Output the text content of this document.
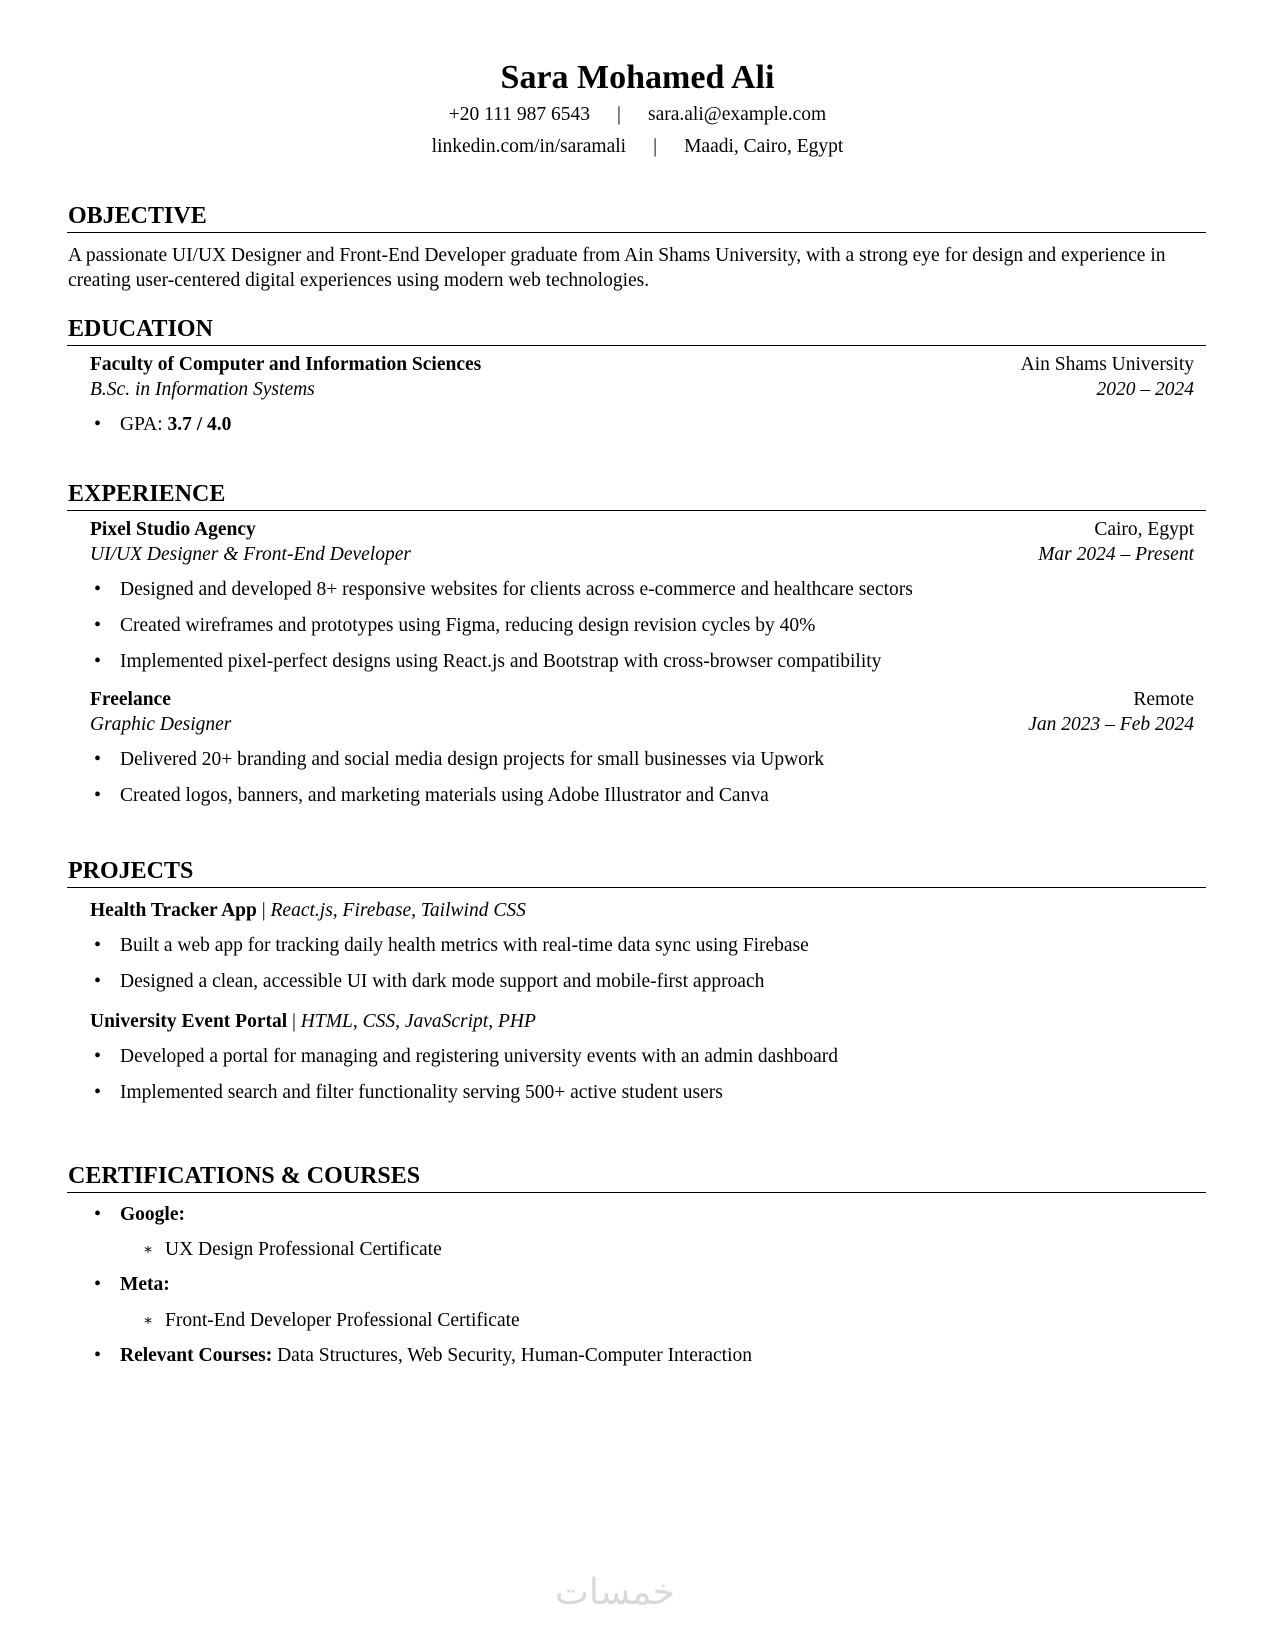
Sara Mohamed Ali
+20 111 987 6543 | sara.ali@example.com
linkedin.com/in/saramali | Maadi, Cairo, Egypt
OBJECTIVE
A passionate UI/UX Designer and Front-End Developer graduate from Ain Shams University, with a strong eye for design and experience in creating user-centered digital experiences using modern web technologies.
EDUCATION
Faculty of Computer and Information Sciences	Ain Shams University
B.Sc. in Information Systems	2020 – 2024
• GPA: 3.7 / 4.0
EXPERIENCE
Pixel Studio Agency	Cairo, Egypt
UI/UX Designer & Front-End Developer	Mar 2024 – Present
• Designed and developed 8+ responsive websites for clients across e-commerce and healthcare sectors
• Created wireframes and prototypes using Figma, reducing design revision cycles by 40%
• Implemented pixel-perfect designs using React.js and Bootstrap with cross-browser compatibility
Freelance	Remote
Graphic Designer	Jan 2023 – Feb 2024
• Delivered 20+ branding and social media design projects for small businesses via Upwork
• Created logos, banners, and marketing materials using Adobe Illustrator and Canva
PROJECTS
Health Tracker App | React.js, Firebase, Tailwind CSS
• Built a web app for tracking daily health metrics with real-time data sync using Firebase
• Designed a clean, accessible UI with dark mode support and mobile-first approach
University Event Portal | HTML, CSS, JavaScript, PHP
• Developed a portal for managing and registering university events with an admin dashboard
• Implemented search and filter functionality serving 500+ active student users
CERTIFICATIONS & COURSES
• Google:
∗ UX Design Professional Certificate
• Meta:
∗ Front-End Developer Professional Certificate
• Relevant Courses: Data Structures, Web Security, Human-Computer Interaction
خمسات
